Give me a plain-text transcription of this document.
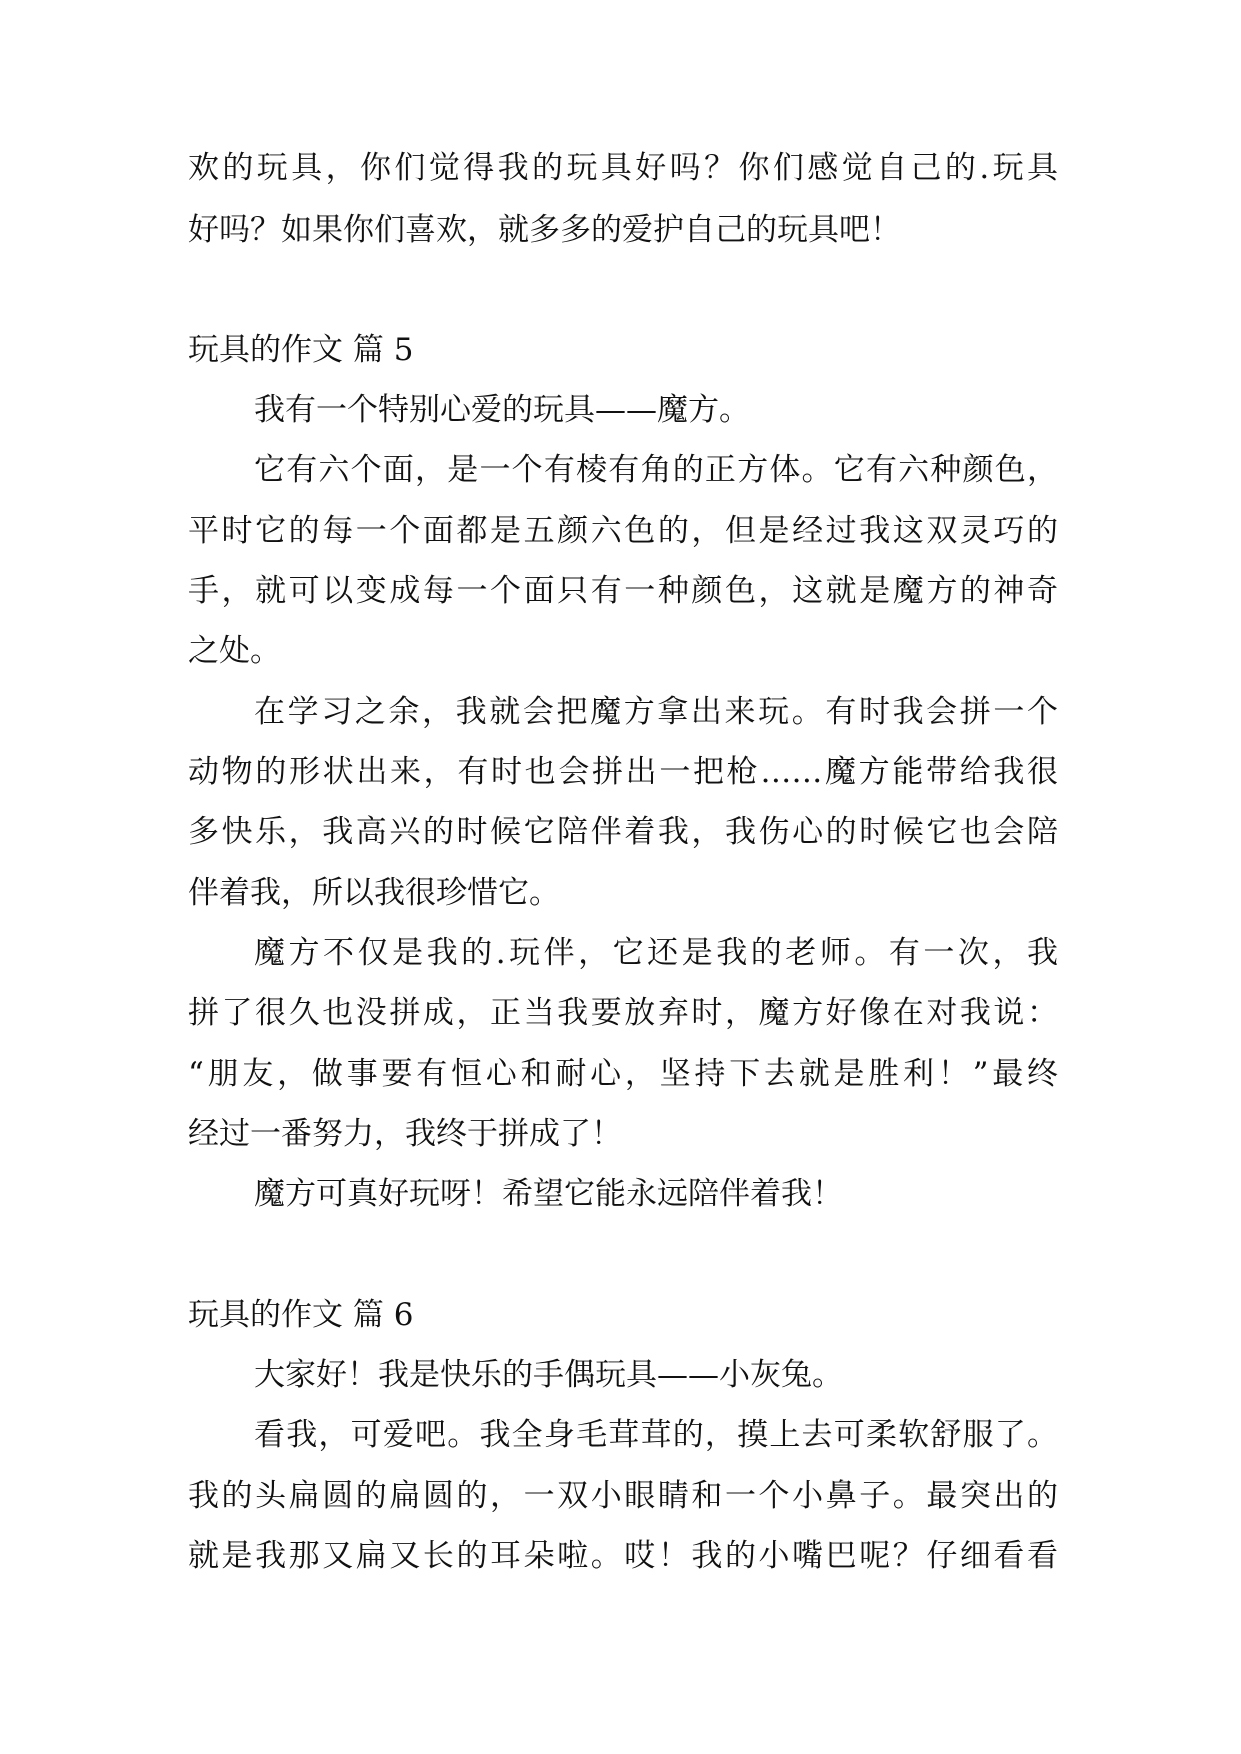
欢的玩具，你们觉得我的玩具好吗？你们感觉自己的.玩具
好吗？如果你们喜欢，就多多的爱护自己的玩具吧！
玩具的作文 篇 5
我有一个特别心爱的玩具——魔方。
它有六个面，是一个有棱有角的正方体。它有六种颜色，
平时它的每一个面都是五颜六色的，但是经过我这双灵巧的
手，就可以变成每一个面只有一种颜色，这就是魔方的神奇
之处。
在学习之余，我就会把魔方拿出来玩。有时我会拼一个
动物的形状出来，有时也会拼出一把枪……魔方能带给我很
多快乐，我高兴的时候它陪伴着我，我伤心的时候它也会陪
伴着我，所以我很珍惜它。
魔方不仅是我的.玩伴，它还是我的老师。有一次，我
拼了很久也没拼成，正当我要放弃时，魔方好像在对我说：
“朋友，做事要有恒心和耐心，坚持下去就是胜利！”最终
经过一番努力，我终于拼成了！
魔方可真好玩呀！希望它能永远陪伴着我！
玩具的作文 篇 6
大家好！我是快乐的手偶玩具——小灰兔。
看我，可爱吧。我全身毛茸茸的，摸上去可柔软舒服了。
我的头扁圆的扁圆的，一双小眼睛和一个小鼻子。最突出的
就是我那又扁又长的耳朵啦。哎！我的小嘴巴呢？仔细看看
